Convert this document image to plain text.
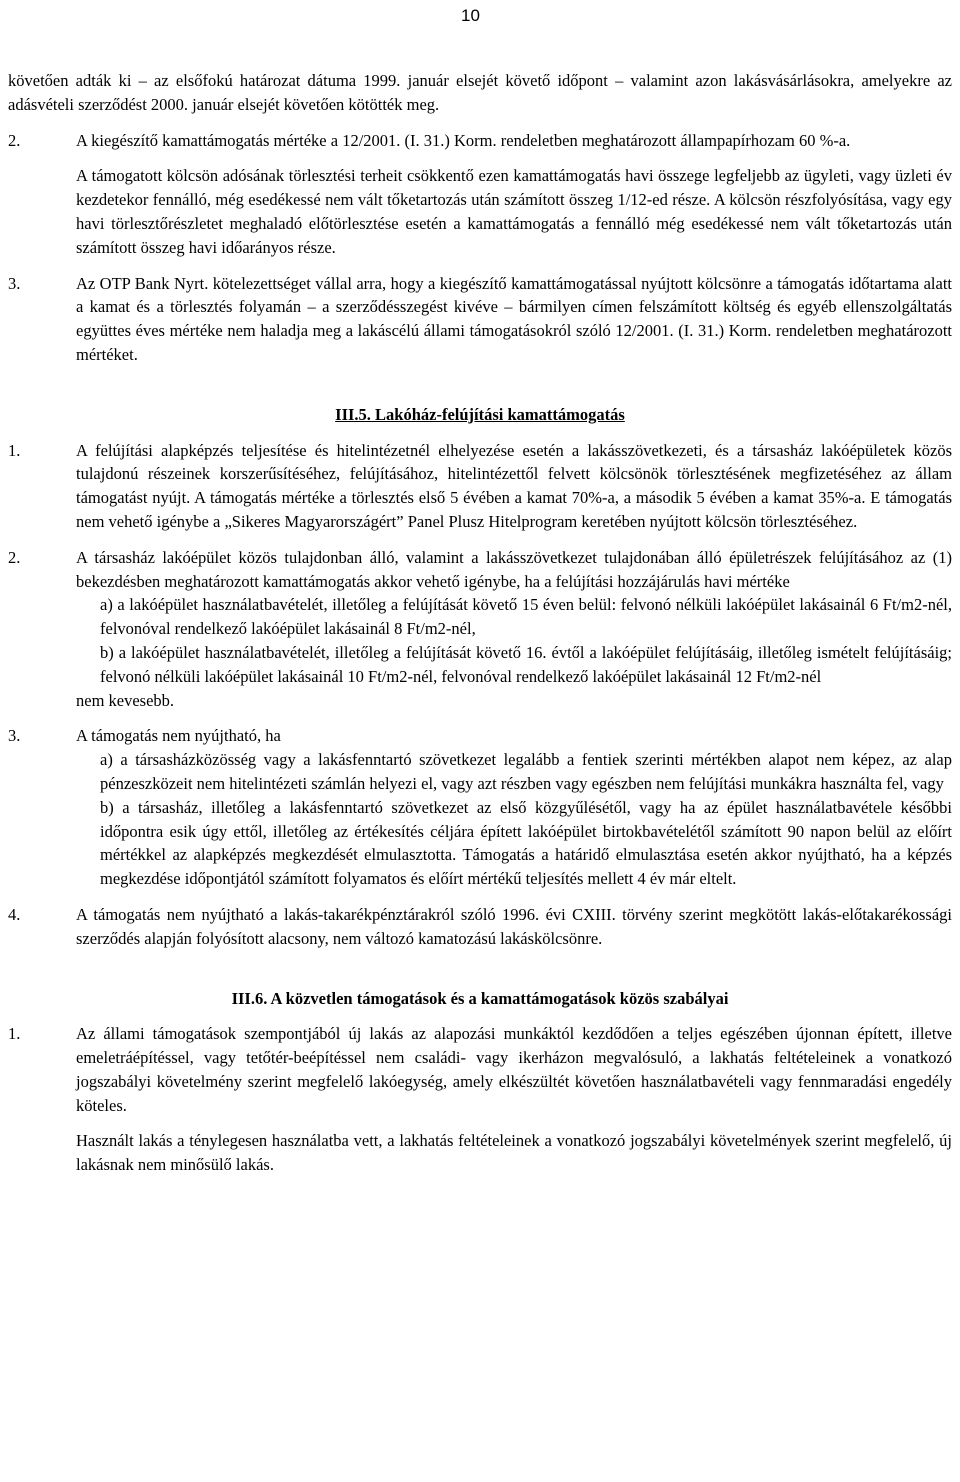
10	***/2010-LAK-***, 1. sz. melléklet

követően adták ki – az elsőfokú határozat dátuma 1999. január elsejét követő időpont – valamint azon lakásvásárlásokra, amelyekre az adásvételi szerződést 2000. január elsejét követően kötötték meg.

2.	A kiegészítő kamattámogatás mértéke a 12/2001. (I. 31.) Korm. rendeletben meghatározott állampapírhozam 60 %-a.

A támogatott kölcsön adósának törlesztési terheit csökkentő ezen kamattámogatás havi összege legfeljebb az ügyleti, vagy üzleti év kezdetekor fennálló, még esedékessé nem vált tőketartozás után számított összeg 1/12-ed része. A kölcsön részfolyósítása, vagy egy havi törlesztőrészletet meghaladó előtörlesztése esetén a kamattámogatás a fennálló még esedékessé nem vált tőketartozás után számított összeg havi időarányos része.

3.	Az OTP Bank Nyrt. kötelezettséget vállal arra, hogy a kiegészítő kamattámogatással nyújtott kölcsönre a támogatás időtartama alatt a kamat és a törlesztés folyamán – a szerződésszegést kivéve – bármilyen címen felszámított költség és egyéb ellenszolgáltatás együttes éves mértéke nem haladja meg a lakáscélú állami támogatásokról szóló 12/2001. (I. 31.) Korm. rendeletben meghatározott mértéket.
III.5. Lakóház-felújítási kamattámogatás
1.	A felújítási alapképzés teljesítése és hitelintézetnél elhelyezése esetén a lakásszövetkezeti, és a társasház lakóépületek közös tulajdonú részeinek korszerűsítéséhez, felújításához, hitelintézettől felvett kölcsönök törlesztésének megfizetéséhez az állam támogatást nyújt. A támogatás mértéke a törlesztés első 5 évében a kamat 70%-a, a második 5 évében a kamat 35%-a. E támogatás nem vehető igénybe a „Sikeres Magyarországért” Panel Plusz Hitelprogram keretében nyújtott kölcsön törlesztéséhez.
2.	A társasház lakóépület közös tulajdonban álló, valamint a lakásszövetkezet tulajdonában álló épületrészek felújításához az (1) bekezdésben meghatározott kamattámogatás akkor vehető igénybe, ha a felújítási hozzájárulás havi mértéke
a) a lakóépület használatbavételét, illetőleg a felújítását követő 15 éven belül: felvonó nélküli lakóépület lakásainál 6 Ft/m2-nél, felvonóval rendelkező lakóépület lakásainál 8 Ft/m2-nél,
b) a lakóépület használatbavételét, illetőleg a felújítását követő 16. évtől a lakóépület felújításáig, illetőleg ismételt felújításáig; felvonó nélküli lakóépület lakásainál 10 Ft/m2-nél, felvonóval rendelkező lakóépület lakásainál 12 Ft/m2-nél
nem kevesebb.
3.	A támogatás nem nyújtható, ha
a) a társasházközösség vagy a lakásfenntartó szövetkezet legalább a fentiek szerinti mértékben alapot nem képez, az alap pénzeszközeit nem hitelintézeti számlán helyezi el, vagy azt részben vagy egészben nem felújítási munkákra használta fel, vagy
b) a társasház, illetőleg a lakásfenntartó szövetkezet az első közgyűlésétől, vagy ha az épület használatbavétele későbbi időpontra esik úgy ettől, illetőleg az értékesítés céljára épített lakóépület birtokbavételétől számított 90 napon belül az előírt mértékkel az alapképzés megkezdését elmulasztotta. Támogatás a határidő elmulasztása esetén akkor nyújtható, ha a képzés megkezdése időpontjától számított folyamatos és előírt mértékű teljesítés mellett 4 év már eltelt.
4.	A támogatás nem nyújtható a lakás-takarékpénztárakról szóló 1996. évi CXIII. törvény szerint megkötött lakás-előtakarékossági szerződés alapján folyósított alacsony, nem változó kamatozású lakáskölcsönre.
III.6. A közvetlen támogatások és a kamattámogatások közös szabályai
1.	Az állami támogatások szempontjából új lakás az alapozási munkáktól kezdődően a teljes egészében újonnan épített, illetve emeletráépítéssel, vagy tetőtér-beépítéssel nem családi- vagy ikerházon megvalósuló, a lakhatás feltételeinek a vonatkozó jogszabályi követelmény szerint megfelelő lakóegység, amely elkészültét követően használatbavételi vagy fennmaradási engedély köteles.

Használt lakás a ténylegesen használatba vett, a lakhatás feltételeinek a vonatkozó jogszabályi követelmények szerint megfelelő, új lakásnak nem minősülő lakás.
